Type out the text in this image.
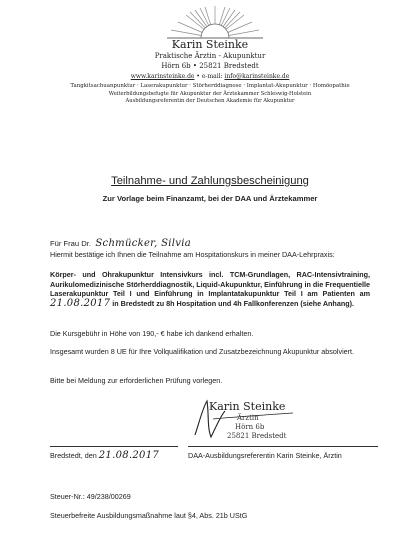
Karin Steinke
Praktische Ärztin - Akupunktur
Hörn 6b • 25821 Bredstedt
www.karinsteinke.de • e-mail: info@karinsteinke.de
Tangkitsachuanpunktur · Laserakupunktur · Störherddiagnose · Implantat-Akupunktur · Homöopathie
Weiterbildungsbefugte für Akupunktur der Ärztekammer Schleswig-Holstein
Ausbildungsreferentin der Deutschen Akademie für Akupunktur
Teilnahme- und Zahlungsbescheinigung
Zur Vorlage beim Finanzamt, bei der DAA und Ärztekammer
Für Frau Dr. Schmücker, Silvia
Hiermit bestätige ich Ihnen die Teilnahme am Hospitationskurs in meiner DAA-Lehrpraxis:
Körper- und Ohrakupunktur Intensivkurs incl. TCM-Grundlagen, RAC-Intensivtraining, Aurikulomedizinische Störherddiagnostik, Liquid-Akupunktur, Einführung in die Frequentielle Laserakupunktur Teil I und Einführung in Implantatakupunktur Teil I am Patienten am 21.08.2017 in Bredstedt zu 8h Hospitation und 4h Fallkonferenzen (siehe Anhang).
Die Kursgebühr in Höhe von 190,- € habe ich dankend erhalten.
Insgesamt wurden 8 UE für Ihre Vollqualifikation und Zusatzbezeichnung Akupunktur absolviert.
Bitte bei Meldung zur erforderlichen Prüfung vorlegen.
Karin Steinke
Ärztin
Hörn 6b
25821 Bredstedt
Bredstedt, den 21.08.2017	DAA-Ausbildungsreferentin Karin Steinke, Ärztin
Steuer-Nr.: 49/238/00269
Steuerbefreite Ausbildungsmaßnahme laut §4, Abs. 21b UStG
